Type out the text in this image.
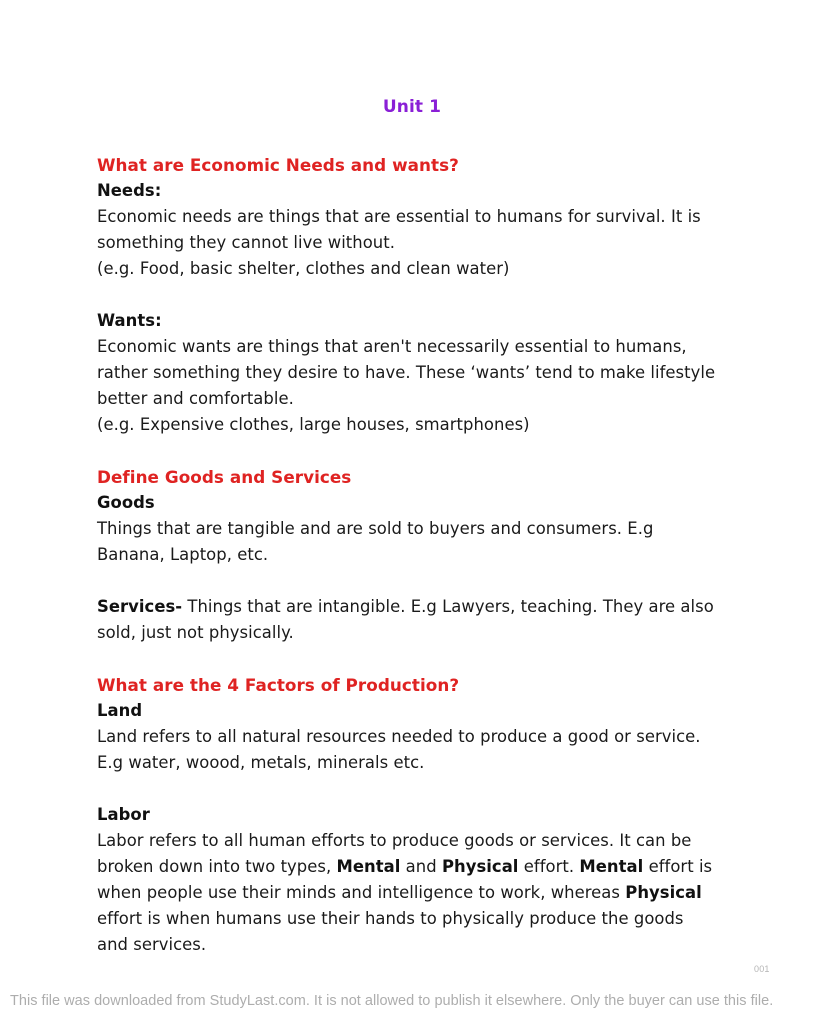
Unit 1
What are Economic Needs and wants?
Needs:
Economic needs are things that are essential to humans for survival. It is
something they cannot live without.
(e.g. Food, basic shelter, clothes and clean water)
Wants:
Economic wants are things that aren't necessarily essential to humans,
rather something they desire to have. These ‘wants’ tend to make lifestyle
better and comfortable.
(e.g. Expensive clothes, large houses, smartphones)
Define Goods and Services
Goods
Things that are tangible and are sold to buyers and consumers. E.g
Banana, Laptop, etc.
Services- Things that are intangible. E.g Lawyers, teaching. They are also
sold, just not physically.
What are the 4 Factors of Production?
Land
Land refers to all natural resources needed to produce a good or service.
E.g water, woood, metals, minerals etc.
Labor
Labor refers to all human efforts to produce goods or services. It can be
broken down into two types, Mental and Physical effort. Mental effort is
when people use their minds and intelligence to work, whereas Physical
effort is when humans use their hands to physically produce the goods
and services.
001
This file was downloaded from StudyLast.com. It is not allowed to publish it elsewhere. Only the buyer can use this file.
